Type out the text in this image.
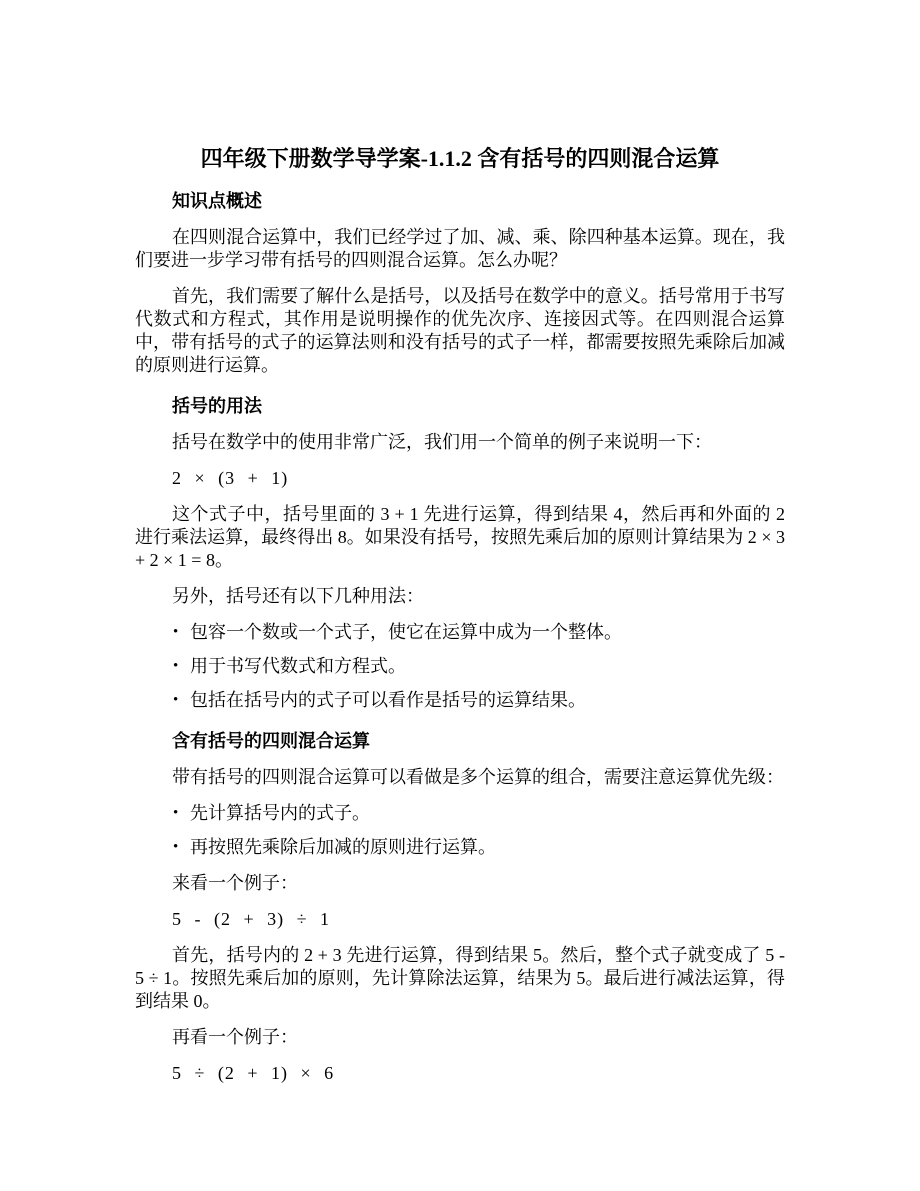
四年级下册数学导学案-1.1.2 含有括号的四则混合运算
知识点概述
在四则混合运算中，我们已经学过了加、减、乘、除四种基本运算。现在，我们要进一步学习带有括号的四则混合运算。怎么办呢？
首先，我们需要了解什么是括号，以及括号在数学中的意义。括号常用于书写代数式和方程式，其作用是说明操作的优先次序、连接因式等。在四则混合运算中，带有括号的式子的运算法则和没有括号的式子一样，都需要按照先乘除后加减的原则进行运算。
括号的用法
括号在数学中的使用非常广泛，我们用一个简单的例子来说明一下：
2 × (3 + 1)
这个式子中，括号里面的 3 + 1 先进行运算，得到结果 4，然后再和外面的 2 进行乘法运算，最终得出 8。如果没有括号，按照先乘后加的原则计算结果为 2 × 3 + 2 × 1 = 8。
另外，括号还有以下几种用法：
• 包容一个数或一个式子，使它在运算中成为一个整体。
• 用于书写代数式和方程式。
• 包括在括号内的式子可以看作是括号的运算结果。
含有括号的四则混合运算
带有括号的四则混合运算可以看做是多个运算的组合，需要注意运算优先级：
• 先计算括号内的式子。
• 再按照先乘除后加减的原则进行运算。
来看一个例子：
5 - (2 + 3) ÷ 1
首先，括号内的 2 + 3 先进行运算，得到结果 5。然后，整个式子就变成了 5 - 5 ÷ 1。按照先乘后加的原则，先计算除法运算，结果为 5。最后进行减法运算，得到结果 0。
再看一个例子：
5 ÷ (2 + 1) × 6
